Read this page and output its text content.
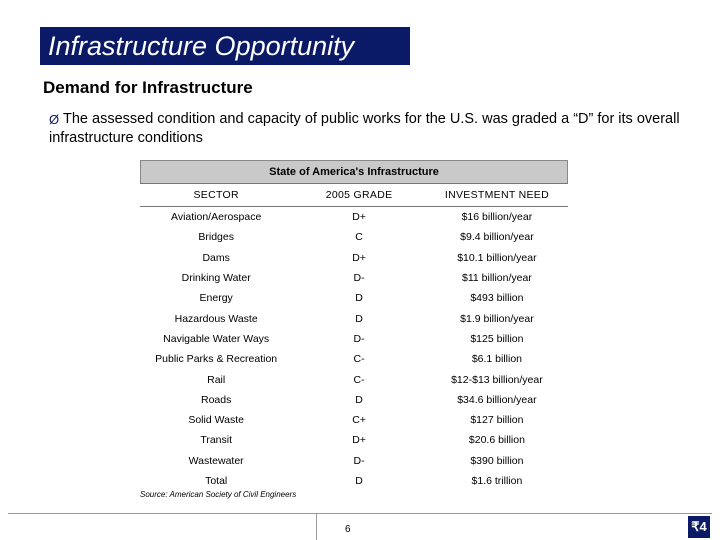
Infrastructure Opportunity
Demand for Infrastructure
Ø The assessed condition and capacity of public works for the U.S. was graded a “D” for its overall infrastructure conditions
State of America's Infrastructure
SECTOR	2005 GRADE	INVESTMENT NEED
Aviation/Aerospace	D+	$16 billion/year
Bridges	C	$9.4 billion/year
Dams	D+	$10.1 billion/year
Drinking Water	D-	$11 billion/year
Energy	D	$493 billion
Hazardous Waste	D	$1.9 billion/year
Navigable Water Ways	D-	$125 billion
Public Parks & Recreation	C-	$6.1 billion
Rail	C-	$12-$13 billion/year
Roads	D	$34.6 billion/year
Solid Waste	C+	$127 billion
Transit	D+	$20.6 billion
Wastewater	D-	$390 billion
Total	D	$1.6 trillion
Source: American Society of Civil Engineers
6	₹4
